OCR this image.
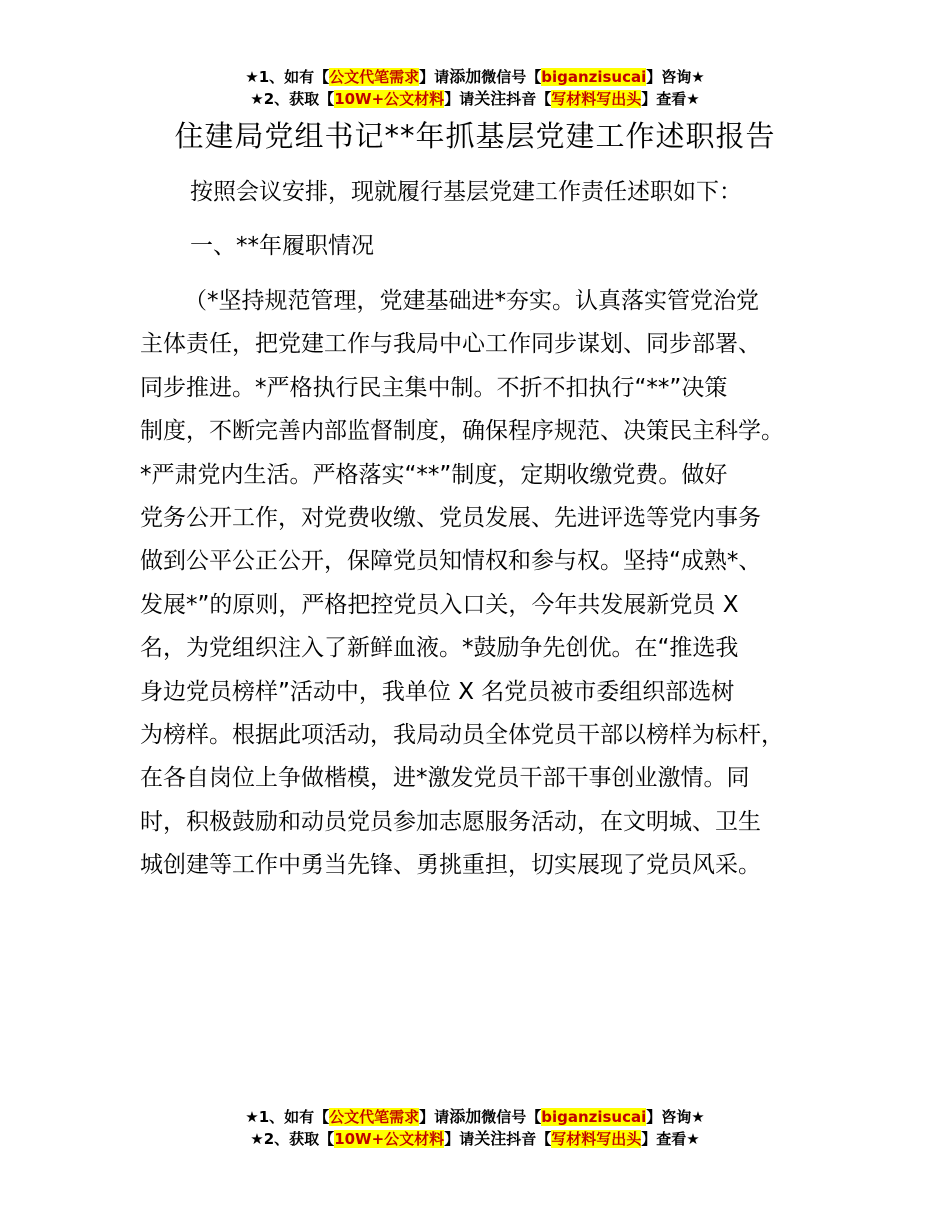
★1、如有【公文代笔需求】请添加微信号【biganzisucai】咨询★
★2、获取【10W+公文材料】请关注抖音【写材料写出头】查看★
住建局党组书记**年抓基层党建工作述职报告
按照会议安排，现就履行基层党建工作责任述职如下：
一、**年履职情况
（*坚持规范管理，党建基础进*夯实。认真落实管党治党
主体责任，把党建工作与我局中心工作同步谋划、同步部署、
同步推进。*严格执行民主集中制。不折不扣执行“**”决策
制度，不断完善内部监督制度，确保程序规范、决策民主科学。
*严肃党内生活。严格落实“**”制度，定期收缴党费。做好
党务公开工作，对党费收缴、党员发展、先进评选等党内事务
做到公平公正公开，保障党员知情权和参与权。坚持“成熟*、
发展*”的原则，严格把控党员入口关，今年共发展新党员 X
名，为党组织注入了新鲜血液。*鼓励争先创优。在“推选我
身边党员榜样”活动中，我单位 X 名党员被市委组织部选树
为榜样。根据此项活动，我局动员全体党员干部以榜样为标杆，
在各自岗位上争做楷模，进*激发党员干部干事创业激情。同
时，积极鼓励和动员党员参加志愿服务活动，在文明城、卫生
城创建等工作中勇当先锋、勇挑重担，切实展现了党员风采。
★1、如有【公文代笔需求】请添加微信号【biganzisucai】咨询★
★2、获取【10W+公文材料】请关注抖音【写材料写出头】查看★
